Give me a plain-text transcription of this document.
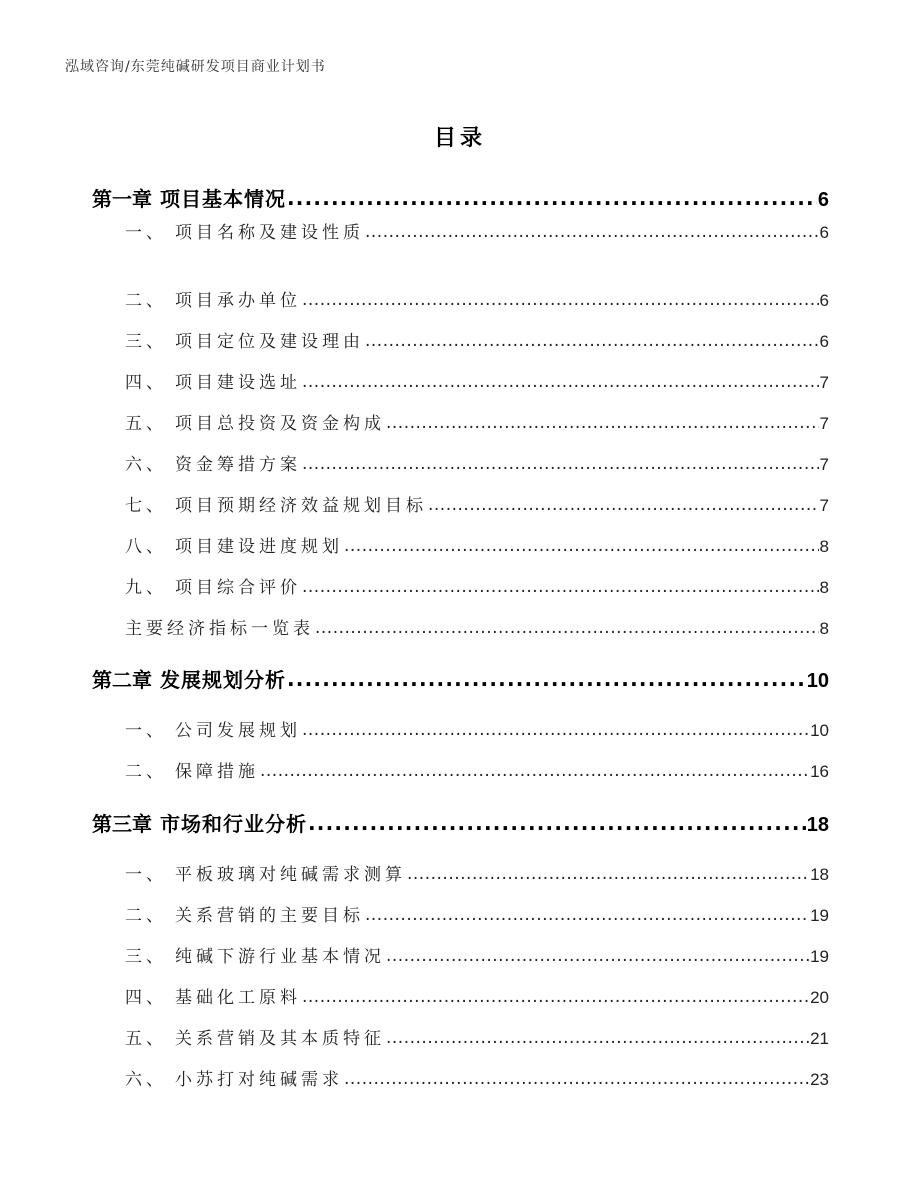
泓域咨询/东莞纯碱研发项目商业计划书
目录
第一章 项目基本情况 .....	6
一、 项目名称及建设性质 .....	6
二、 项目承办单位 .....	6
三、 项目定位及建设理由 .....	6
四、 项目建设选址 .....	7
五、 项目总投资及资金构成 .....	7
六、 资金筹措方案 .....	7
七、 项目预期经济效益规划目标 .....	7
八、 项目建设进度规划 .....	8
九、 项目综合评价 .....	8
主要经济指标一览表 .....	8
第二章 发展规划分析 .....	10
一、 公司发展规划 .....	10
二、 保障措施 .....	16
第三章 市场和行业分析 .....	18
一、 平板玻璃对纯碱需求测算 .....	18
二、 关系营销的主要目标 .....	19
三、 纯碱下游行业基本情况 .....	19
四、 基础化工原料 .....	20
五、 关系营销及其本质特征 .....	21
六、 小苏打对纯碱需求 .....	23
